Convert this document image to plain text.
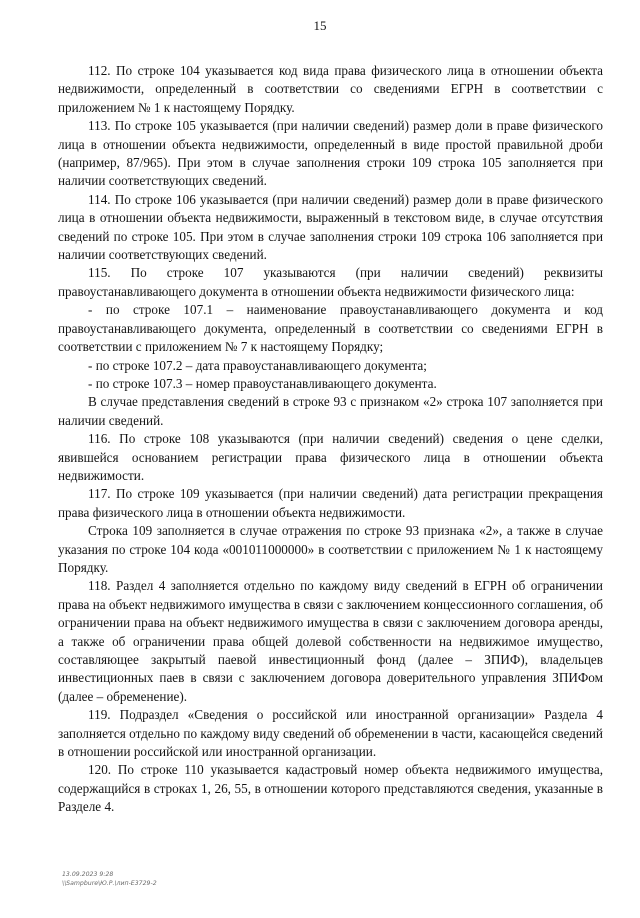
15

112. По строке 104 указывается код вида права физического лица в отношении объекта недвижимости, определенный в соответствии со сведениями ЕГРН в соответствии с приложением № 1 к настоящему Порядку.

113. По строке 105 указывается (при наличии сведений) размер доли в праве физического лица в отношении объекта недвижимости, определенный в виде простой правильной дроби (например, 87/965). При этом в случае заполнения строки 109 строка 105 заполняется при наличии соответствующих сведений.

114. По строке 106 указывается (при наличии сведений) размер доли в праве физического лица в отношении объекта недвижимости, выраженный в текстовом виде, в случае отсутствия сведений по строке 105. При этом в случае заполнения строки 109 строка 106 заполняется при наличии соответствующих сведений.

115. По строке 107 указываются (при наличии сведений) реквизиты правоустанавливающего документа в отношении объекта недвижимости физического лица:

- по строке 107.1 – наименование правоустанавливающего документа и код правоустанавливающего документа, определенный в соответствии со сведениями ЕГРН в соответствии с приложением № 7 к настоящему Порядку;

- по строке 107.2 – дата правоустанавливающего документа;

- по строке 107.3 – номер правоустанавливающего документа.

В случае представления сведений в строке 93 с признаком «2» строка 107 заполняется при наличии сведений.

116. По строке 108 указываются (при наличии сведений) сведения о цене сделки, явившейся основанием регистрации права физического лица в отношении объекта недвижимости.

117. По строке 109 указывается (при наличии сведений) дата регистрации прекращения права физического лица в отношении объекта недвижимости.

Строка 109 заполняется в случае отражения по строке 93 признака «2», а также в случае указания по строке 104 кода «001011000000» в соответствии с приложением № 1 к настоящему Порядку.

118. Раздел 4 заполняется отдельно по каждому виду сведений в ЕГРН об ограничении права на объект недвижимого имущества в связи с заключением концессионного соглашения, об ограничении права на объект недвижимого имущества в связи с заключением договора аренды, а также об ограничении права общей долевой собственности на недвижимое имущество, составляющее закрытый паевой инвестиционный фонд (далее – ЗПИФ), владельцев инвестиционных паев в связи с заключением договора доверительного управления ЗПИФом (далее – обременение).

119. Подраздел «Сведения о российской или иностранной организации» Раздела 4 заполняется отдельно по каждому виду сведений об обременении в части, касающейся сведений в отношении российской или иностранной организации.

120. По строке 110 указывается кадастровый номер объекта недвижимого имущества, содержащийся в строках 1, 26, 55, в отношении которого представляются сведения, указанные в Разделе 4.

13.09.2023 9:28
\\Sampbure\Ю.Р.\лип-Е3729-2
